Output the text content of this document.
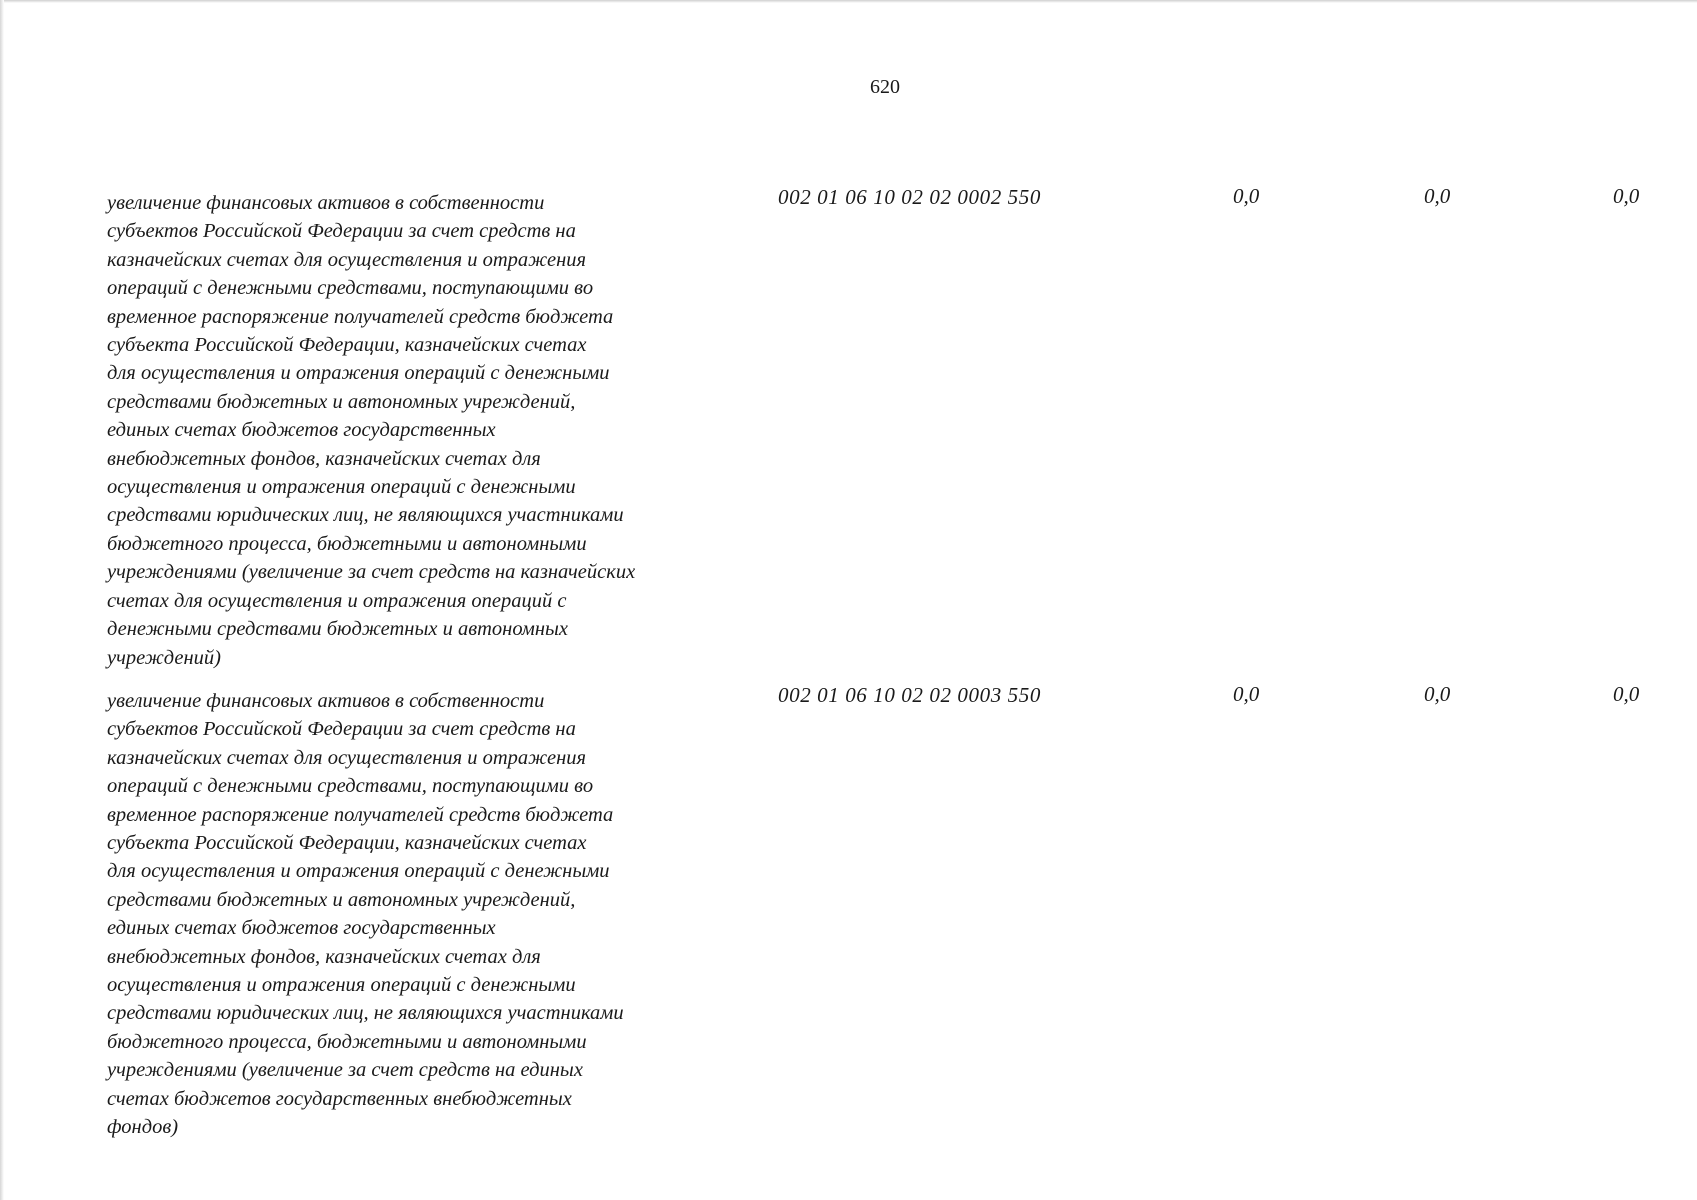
620
увеличение финансовых активов в собственности
субъектов Российской Федерации за счет средств на
казначейских счетах для осуществления и отражения
операций с денежными средствами, поступающими во
временное распоряжение получателей средств бюджета
субъекта Российской Федерации, казначейских счетах
для осуществления и отражения операций с денежными
средствами бюджетных и автономных учреждений,
единых счетах бюджетов государственных
внебюджетных фондов, казначейских счетах для
осуществления и отражения операций с денежными
средствами юридических лиц, не являющихся участниками
бюджетного процесса, бюджетными и автономными
учреждениями (увеличение за счет средств на казначейских
счетах для осуществления и отражения операций с
денежными средствами бюджетных и автономных
учреждений)
002 01 06 10 02 02 0002 550	0,0	0,0	0,0
увеличение финансовых активов в собственности
субъектов Российской Федерации за счет средств на
казначейских счетах для осуществления и отражения
операций с денежными средствами, поступающими во
временное распоряжение получателей средств бюджета
субъекта Российской Федерации, казначейских счетах
для осуществления и отражения операций с денежными
средствами бюджетных и автономных учреждений,
единых счетах бюджетов государственных
внебюджетных фондов, казначейских счетах для
осуществления и отражения операций с денежными
средствами юридических лиц, не являющихся участниками
бюджетного процесса, бюджетными и автономными
учреждениями (увеличение за счет средств на единых
счетах бюджетов государственных внебюджетных
фондов)
002 01 06 10 02 02 0003 550	0,0	0,0	0,0
